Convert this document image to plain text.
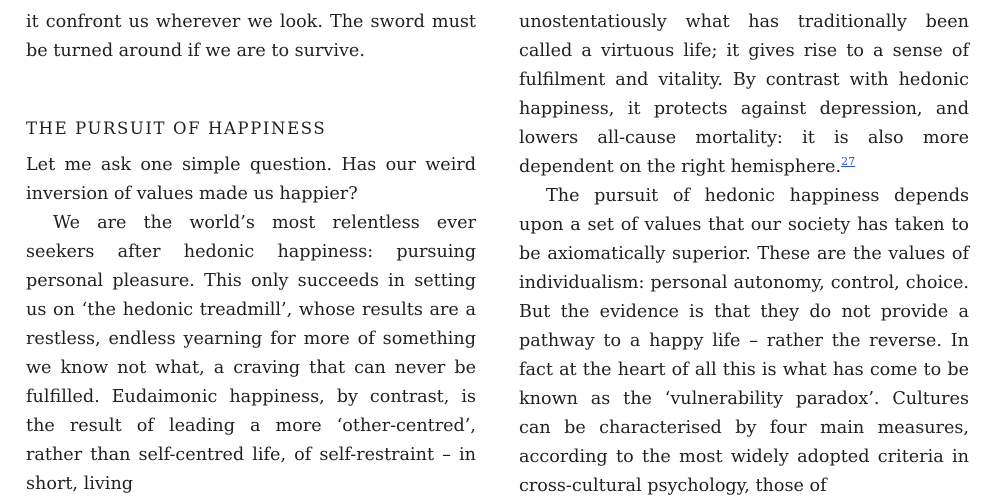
it confront us wherever we look. The sword must be turned around if we are to survive.

THE PURSUIT OF HAPPINESS

Let me ask one simple question. Has our weird inversion of values made us happier?

We are the world’s most relentless ever seekers after hedonic happiness: pursuing personal pleasure. This only succeeds in setting us on ‘the hedonic treadmill’, whose results are a restless, endless yearning for more of something we know not what, a craving that can never be fulfilled. Eudaimonic happiness, by contrast, is the result of leading a more ‘other-centred’, rather than self-centred life, of self-restraint – in short, living

unostentatiously what has traditionally been called a virtuous life; it gives rise to a sense of fulfilment and vitality. By contrast with hedonic happiness, it protects against depression, and lowers all-cause mortality: it is also more dependent on the right hemisphere.$^{27}$

The pursuit of hedonic happiness depends upon a set of values that our society has taken to be axiomatically superior. These are the values of individualism: personal autonomy, control, choice. But the evidence is that they do not provide a pathway to a happy life – rather the reverse. In fact at the heart of all this is what has come to be known as the ‘vulnerability paradox’. Cultures can be characterised by four main measures, according to the most widely adopted criteria in cross-cultural psychology, those of
